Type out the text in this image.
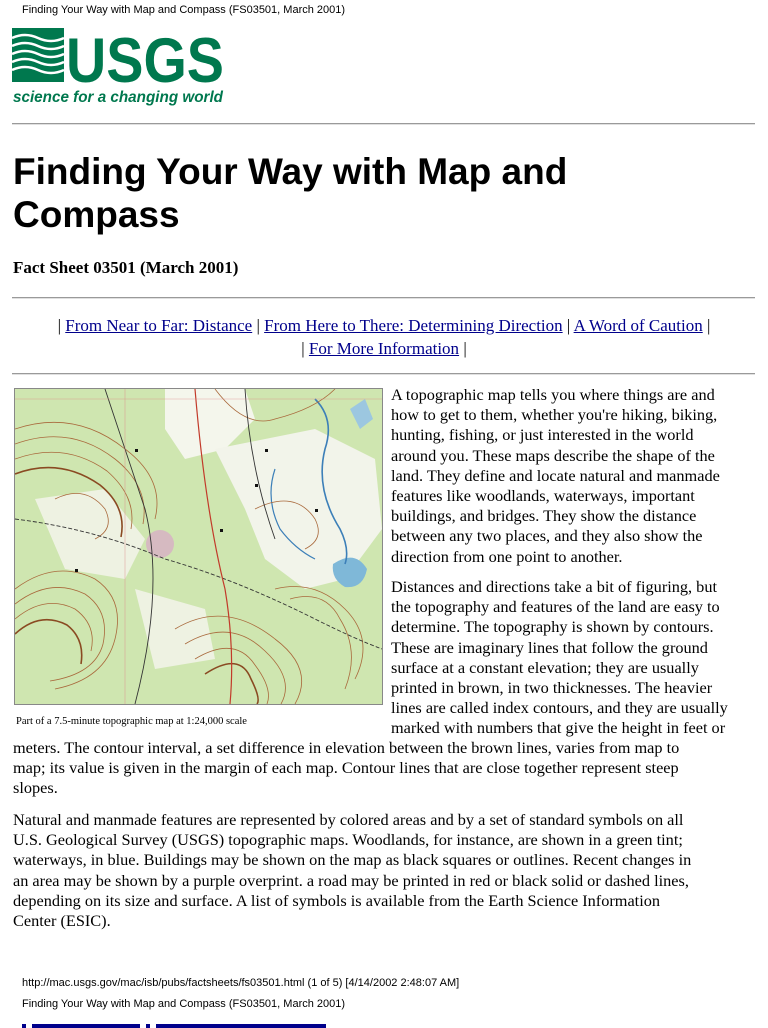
Finding Your Way with Map and Compass (FS03501, March 2001)
USGS
science for a changing world
Finding Your Way with Map and Compass
Fact Sheet 03501 (March 2001)
| From Near to Far: Distance | From Here to There: Determining Direction | A Word of Caution |
| For More Information |
Part of a 7.5-minute topographic map at 1:24,000 scale
A topographic map tells you where things are and
how to get to them, whether you're hiking, biking,
hunting, fishing, or just interested in the world
around you. These maps describe the shape of the
land. They define and locate natural and manmade
features like woodlands, waterways, important
buildings, and bridges. They show the distance
between any two places, and they also show the
direction from one point to another.
Distances and directions take a bit of figuring, but
the topography and features of the land are easy to
determine. The topography is shown by contours.
These are imaginary lines that follow the ground
surface at a constant elevation; they are usually
printed in brown, in two thicknesses. The heavier
lines are called index contours, and they are usually
marked with numbers that give the height in feet or
meters. The contour interval, a set difference in elevation between the brown lines, varies from map to
map; its value is given in the margin of each map. Contour lines that are close together represent steep
slopes.
Natural and manmade features are represented by colored areas and by a set of standard symbols on all
U.S. Geological Survey (USGS) topographic maps. Woodlands, for instance, are shown in a green tint;
waterways, in blue. Buildings may be shown on the map as black squares or outlines. Recent changes in
an area may be shown by a purple overprint. a road may be printed in red or black solid or dashed lines,
depending on its size and surface. A list of symbols is available from the Earth Science Information
Center (ESIC).
http://mac.usgs.gov/mac/isb/pubs/factsheets/fs03501.html (1 of 5) [4/14/2002 2:48:07 AM]
Finding Your Way with Map and Compass (FS03501, March 2001)
